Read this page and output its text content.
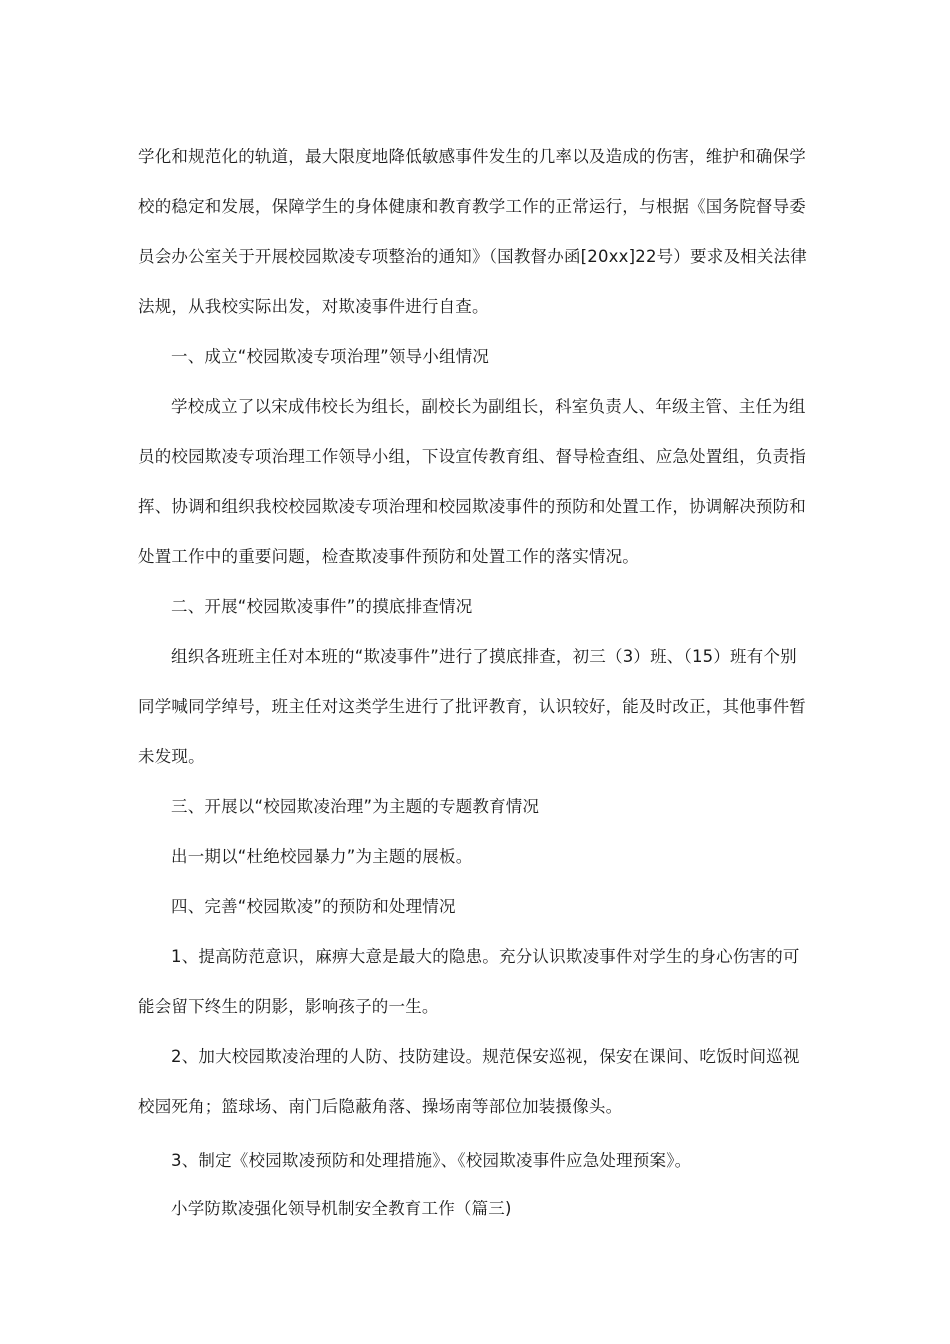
学化和规范化的轨道，最大限度地降低敏感事件发生的几率以及造成的伤害，维护和确保学
校的稳定和发展，保障学生的身体健康和教育教学工作的正常运行，与根据《国务院督导委
员会办公室关于开展校园欺凌专项整治的通知》（国教督办函[20xx]22号）要求及相关法律
法规，从我校实际出发，对欺凌事件进行自查。
一、成立“校园欺凌专项治理”领导小组情况
学校成立了以宋成伟校长为组长，副校长为副组长，科室负责人、年级主管、主任为组
员的校园欺凌专项治理工作领导小组，下设宣传教育组、督导检查组、应急处置组，负责指
挥、协调和组织我校校园欺凌专项治理和校园欺凌事件的预防和处置工作，协调解决预防和
处置工作中的重要问题，检查欺凌事件预防和处置工作的落实情况。
二、开展“校园欺凌事件”的摸底排查情况
组织各班班主任对本班的“欺凌事件”进行了摸底排查，初三（3）班、（15）班有个别
同学喊同学绰号，班主任对这类学生进行了批评教育，认识较好，能及时改正，其他事件暂
未发现。
三、开展以“校园欺凌治理”为主题的专题教育情况
出一期以“杜绝校园暴力”为主题的展板。
四、完善“校园欺凌”的预防和处理情况
1、提高防范意识，麻痹大意是最大的隐患。充分认识欺凌事件对学生的身心伤害的可
能会留下终生的阴影，影响孩子的一生。
2、加大校园欺凌治理的人防、技防建设。规范保安巡视，保安在课间、吃饭时间巡视
校园死角；篮球场、南门后隐蔽角落、操场南等部位加装摄像头。
3、制定《校园欺凌预防和处理措施》、《校园欺凌事件应急处理预案》。
小学防欺凌强化领导机制安全教育工作（篇三)
